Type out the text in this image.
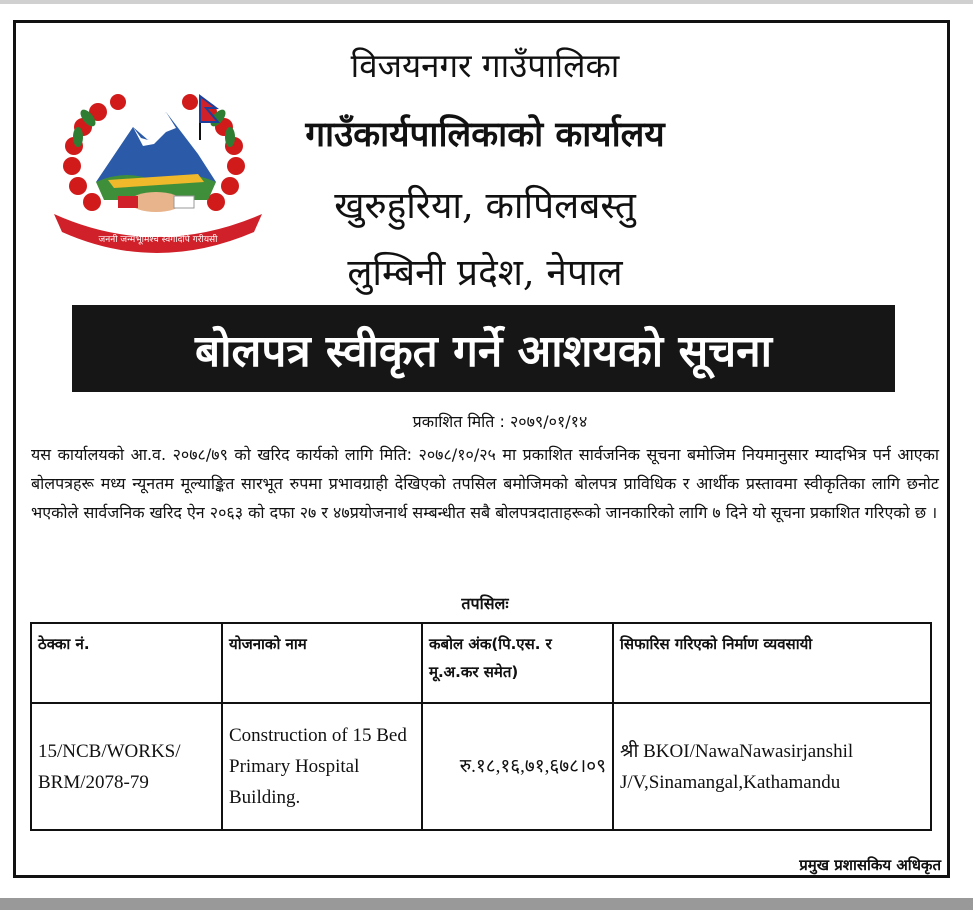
जननी जन्मभूमिश्च स्वर्गादपि गरीयसी
विजयनगर गाउँपालिका
गाउँकार्यपालिकाको कार्यालय
खुरुहुरिया, कापिलबस्तु
लुम्बिनी प्रदेश, नेपाल
बोलपत्र स्वीकृत गर्ने आशयको सूचना
प्रकाशित मिति : २०७९/०१/१४

यस कार्यालयको आ.व. २०७८/७९ को खरिद कार्यको लागि मिति: २०७८/१०/२५ मा प्रकाशित सार्वजनिक सूचना बमोजिम नियमानुसार म्यादभित्र पर्न आएका बोलपत्रहरू मध्य न्यूनतम मूल्याङ्कित सारभूत रुपमा प्रभावग्राही देखिएको तपसिल बमोजिमको बोलपत्र प्राविधिक र आर्थीक प्रस्तावमा स्वीकृतिका लागि छनोट भएकोले सार्वजनिक खरिद ऐन २०६३ को दफा २७ र ४७प्रयोजनार्थ सम्बन्धीत सबै बोलपत्रदाताहरूको जानकारिको लागि ७ दिने यो सूचना प्रकाशित गरिएको छ ।

तपसिलः
ठेक्का नं.	योजनाको नाम	कबोल अंक(पि.एस. र मू.अ.कर समेत)	सिफारिस गरिएको निर्माण व्यवसायी
15/NCB/WORKS/ BRM/2078-79	Construction of 15 Bed Primary Hospital Building.	रु.१८,१६,७१,६७८।०९	श्री BKOI/NawaNawasirjanshil J/V,Sinamangal,Kathamandu
प्रमुख प्रशासकिय अधिकृत
